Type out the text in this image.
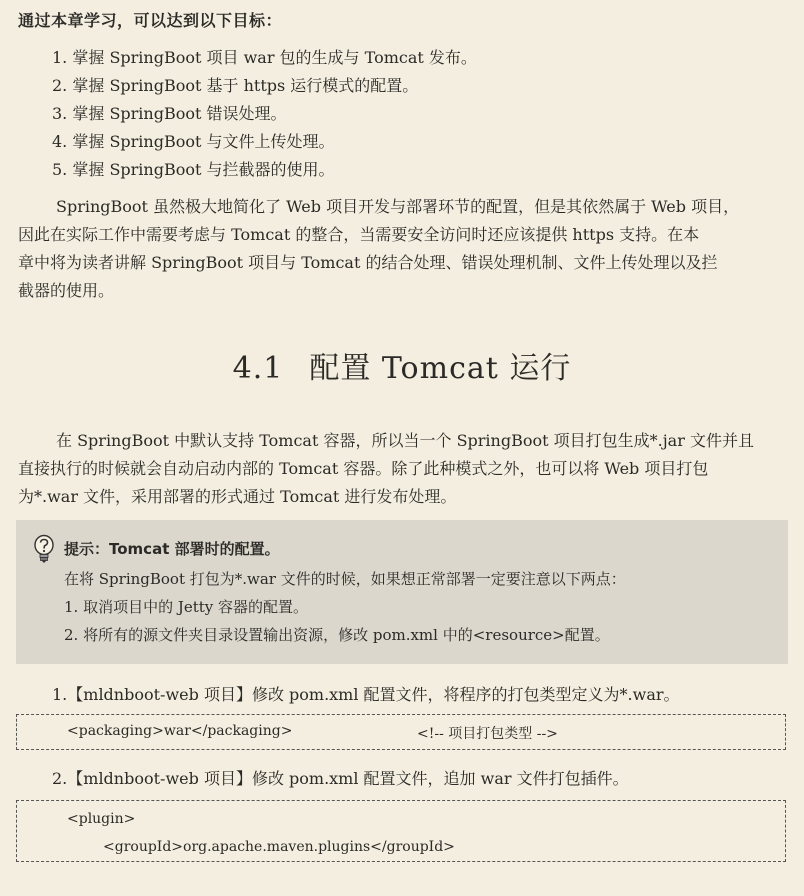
通过本章学习，可以达到以下目标：
1. 掌握 SpringBoot 项目 war 包的生成与 Tomcat 发布。
2. 掌握 SpringBoot 基于 https 运行模式的配置。
3. 掌握 SpringBoot 错误处理。
4. 掌握 SpringBoot 与文件上传处理。
5. 掌握 SpringBoot 与拦截器的使用。
SpringBoot 虽然极大地简化了 Web 项目开发与部署环节的配置，但是其依然属于 Web 项目，
因此在实际工作中需要考虑与 Tomcat 的整合，当需要安全访问时还应该提供 https 支持。在本
章中将为读者讲解 SpringBoot 项目与 Tomcat 的结合处理、错误处理机制、文件上传处理以及拦
截器的使用。
4.1 配置 Tomcat 运行
在 SpringBoot 中默认支持 Tomcat 容器，所以当一个 SpringBoot 项目打包生成*.jar 文件并且
直接执行的时候就会自动启动内部的 Tomcat 容器。除了此种模式之外，也可以将 Web 项目打包
为*.war 文件，采用部署的形式通过 Tomcat 进行发布处理。
提示：Tomcat 部署时的配置。
在将 SpringBoot 打包为*.war 文件的时候，如果想正常部署一定要注意以下两点：
1. 取消项目中的 Jetty 容器的配置。
2. 将所有的源文件夹目录设置输出资源，修改 pom.xml 中的<resource>配置。
1.【mldnboot-web 项目】修改 pom.xml 配置文件，将程序的打包类型定义为*.war。
<packaging>war</packaging>	<!-- 项目打包类型 -->
2.【mldnboot-web 项目】修改 pom.xml 配置文件，追加 war 文件打包插件。
<plugin>
<groupId>org.apache.maven.plugins</groupId>
